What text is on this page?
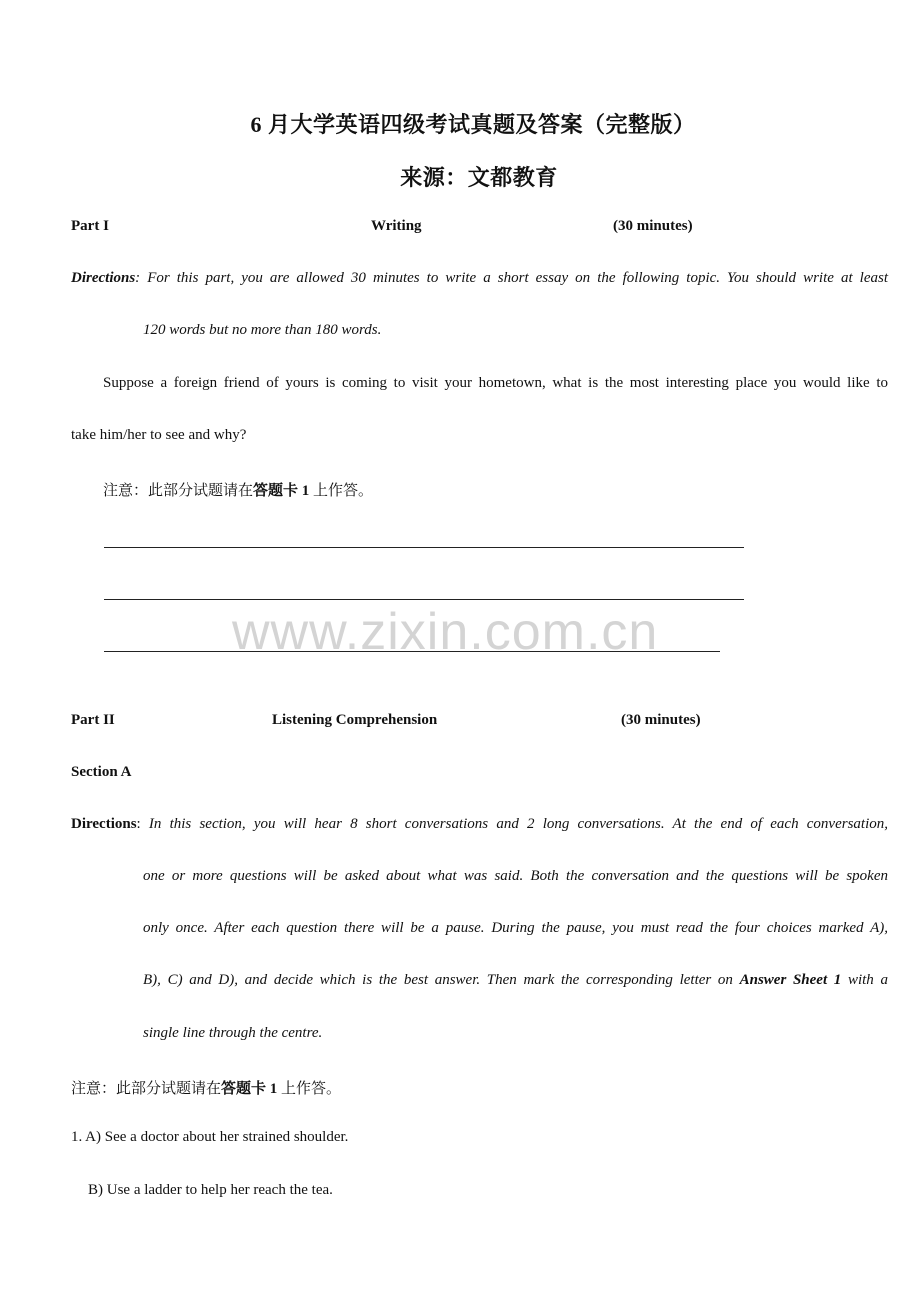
6 月大学英语四级考试真题及答案（完整版）
来源：文都教育
Part I	Writing	(30 minutes)
Directions: For this part, you are allowed 30 minutes to write a short essay on the following topic. You should write at least
120 words but no more than 180 words.
Suppose a foreign friend of yours is coming to visit your hometown, what is the most interesting place you would like to
take him/her to see and why?
注意：此部分试题请在答题卡 1 上作答。
www.zixin.com.cn
Part II	Listening Comprehension	(30 minutes)
Section A
Directions: In this section, you will hear 8 short conversations and 2 long conversations. At the end of each conversation,
one or more questions will be asked about what was said. Both the conversation and the questions will be spoken
only once. After each question there will be a pause. During the pause, you must read the four choices marked A),
B), C) and D), and decide which is the best answer. Then mark the corresponding letter on Answer Sheet 1 with a
single line through the centre.
注意：此部分试题请在答题卡 1 上作答。
1. A) See a doctor about her strained shoulder.
B) Use a ladder to help her reach the tea.
